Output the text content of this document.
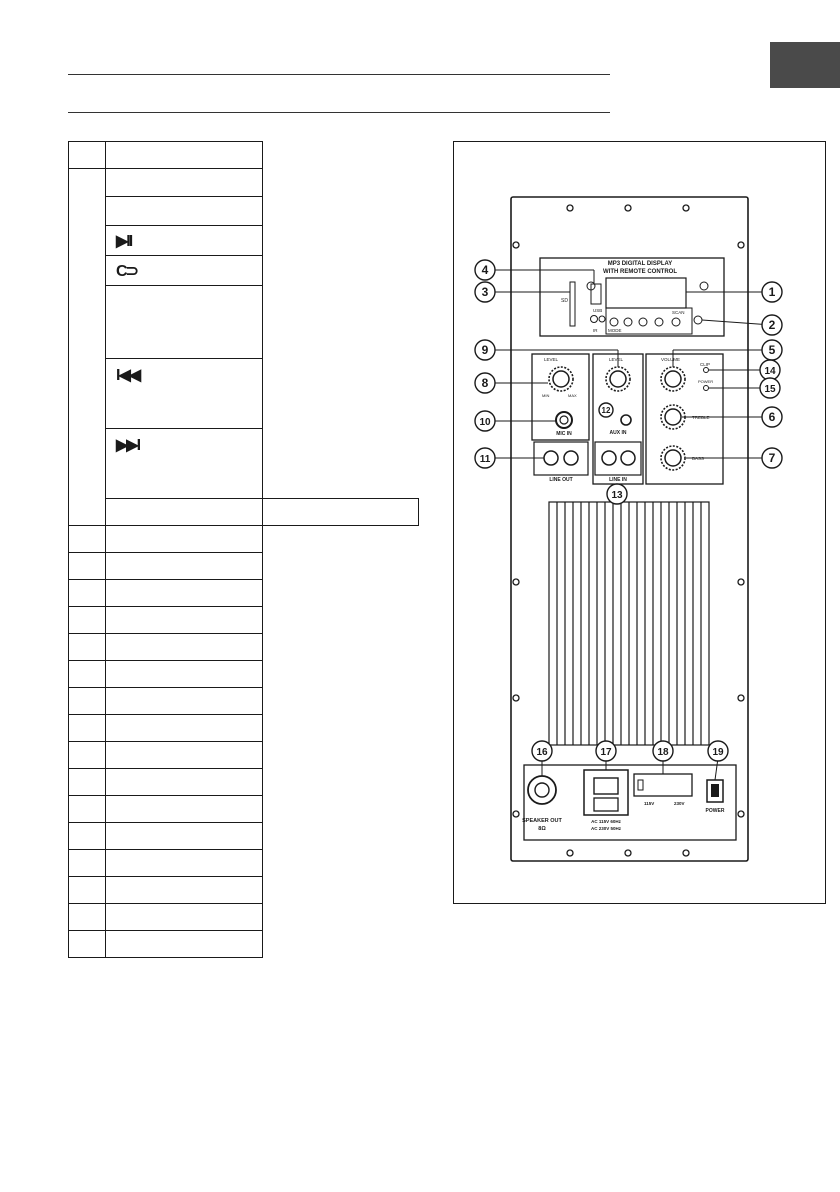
	▶II	
	C⊃	

	I◀◀	
	▶▶I	

MP3 DIGITAL DISPLAY
WITH REMOTE CONTROL
SD
USB
IR MODE
SCAN
LEVEL
MIN	MAX
MIC IN
LINE OUT
LEVEL
AUX IN
LINE IN
VOLUME
CLIP
POWER
TREBLE
BASS
SPEAKER OUT
8Ω
AC 115V 60Hz
AC 230V 50Hz
115V	230V
POWER
1
2
3
4
5
6
7
8
9
10
11
12
13
14
15
16	17	18	19
